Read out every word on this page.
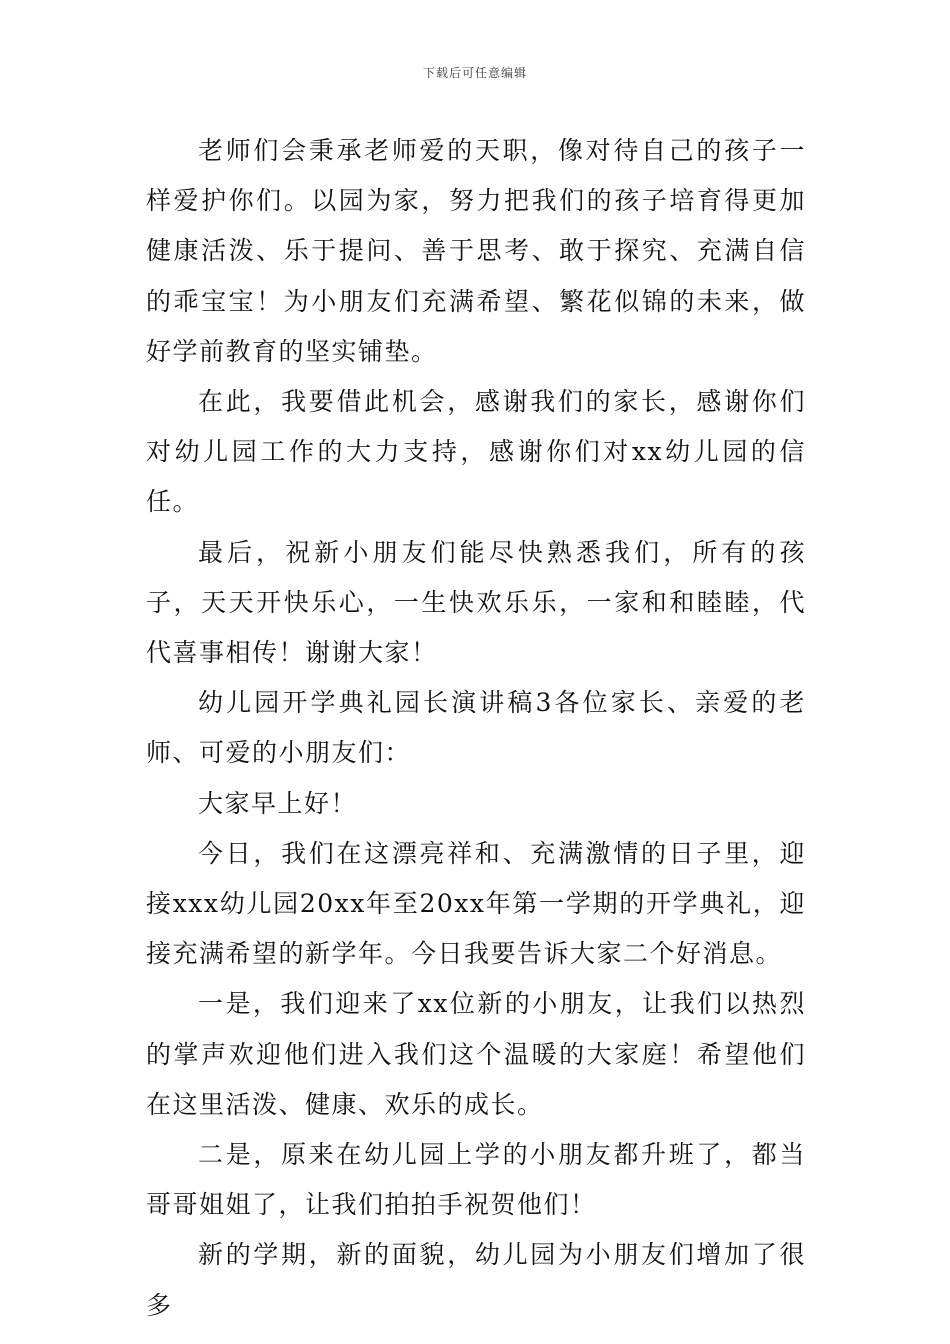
下载后可任意编辑

老师们会秉承老师爱的天职，像对待自己的孩子一样爱护你们。以园为家，努力把我们的孩子培育得更加健康活泼、乐于提问、善于思考、敢于探究、充满自信的乖宝宝！为小朋友们充满希望、繁花似锦的未来，做好学前教育的坚实铺垫。

在此，我要借此机会，感谢我们的家长，感谢你们对幼儿园工作的大力支持，感谢你们对xx幼儿园的信任。

最后，祝新小朋友们能尽快熟悉我们，所有的孩子，天天开快乐心，一生快欢乐乐，一家和和睦睦，代代喜事相传！谢谢大家！

幼儿园开学典礼园长演讲稿3各位家长、亲爱的老师、可爱的小朋友们：

大家早上好！

今日，我们在这漂亮祥和、充满激情的日子里，迎接xxx幼儿园20xx年至20xx年第一学期的开学典礼，迎接充满希望的新学年。今日我要告诉大家二个好消息。

一是，我们迎来了xx位新的小朋友，让我们以热烈的掌声欢迎他们进入我们这个温暖的大家庭！希望他们在这里活泼、健康、欢乐的成长。

二是，原来在幼儿园上学的小朋友都升班了，都当哥哥姐姐了，让我们拍拍手祝贺他们！

新的学期，新的面貌，幼儿园为小朋友们增加了很多
